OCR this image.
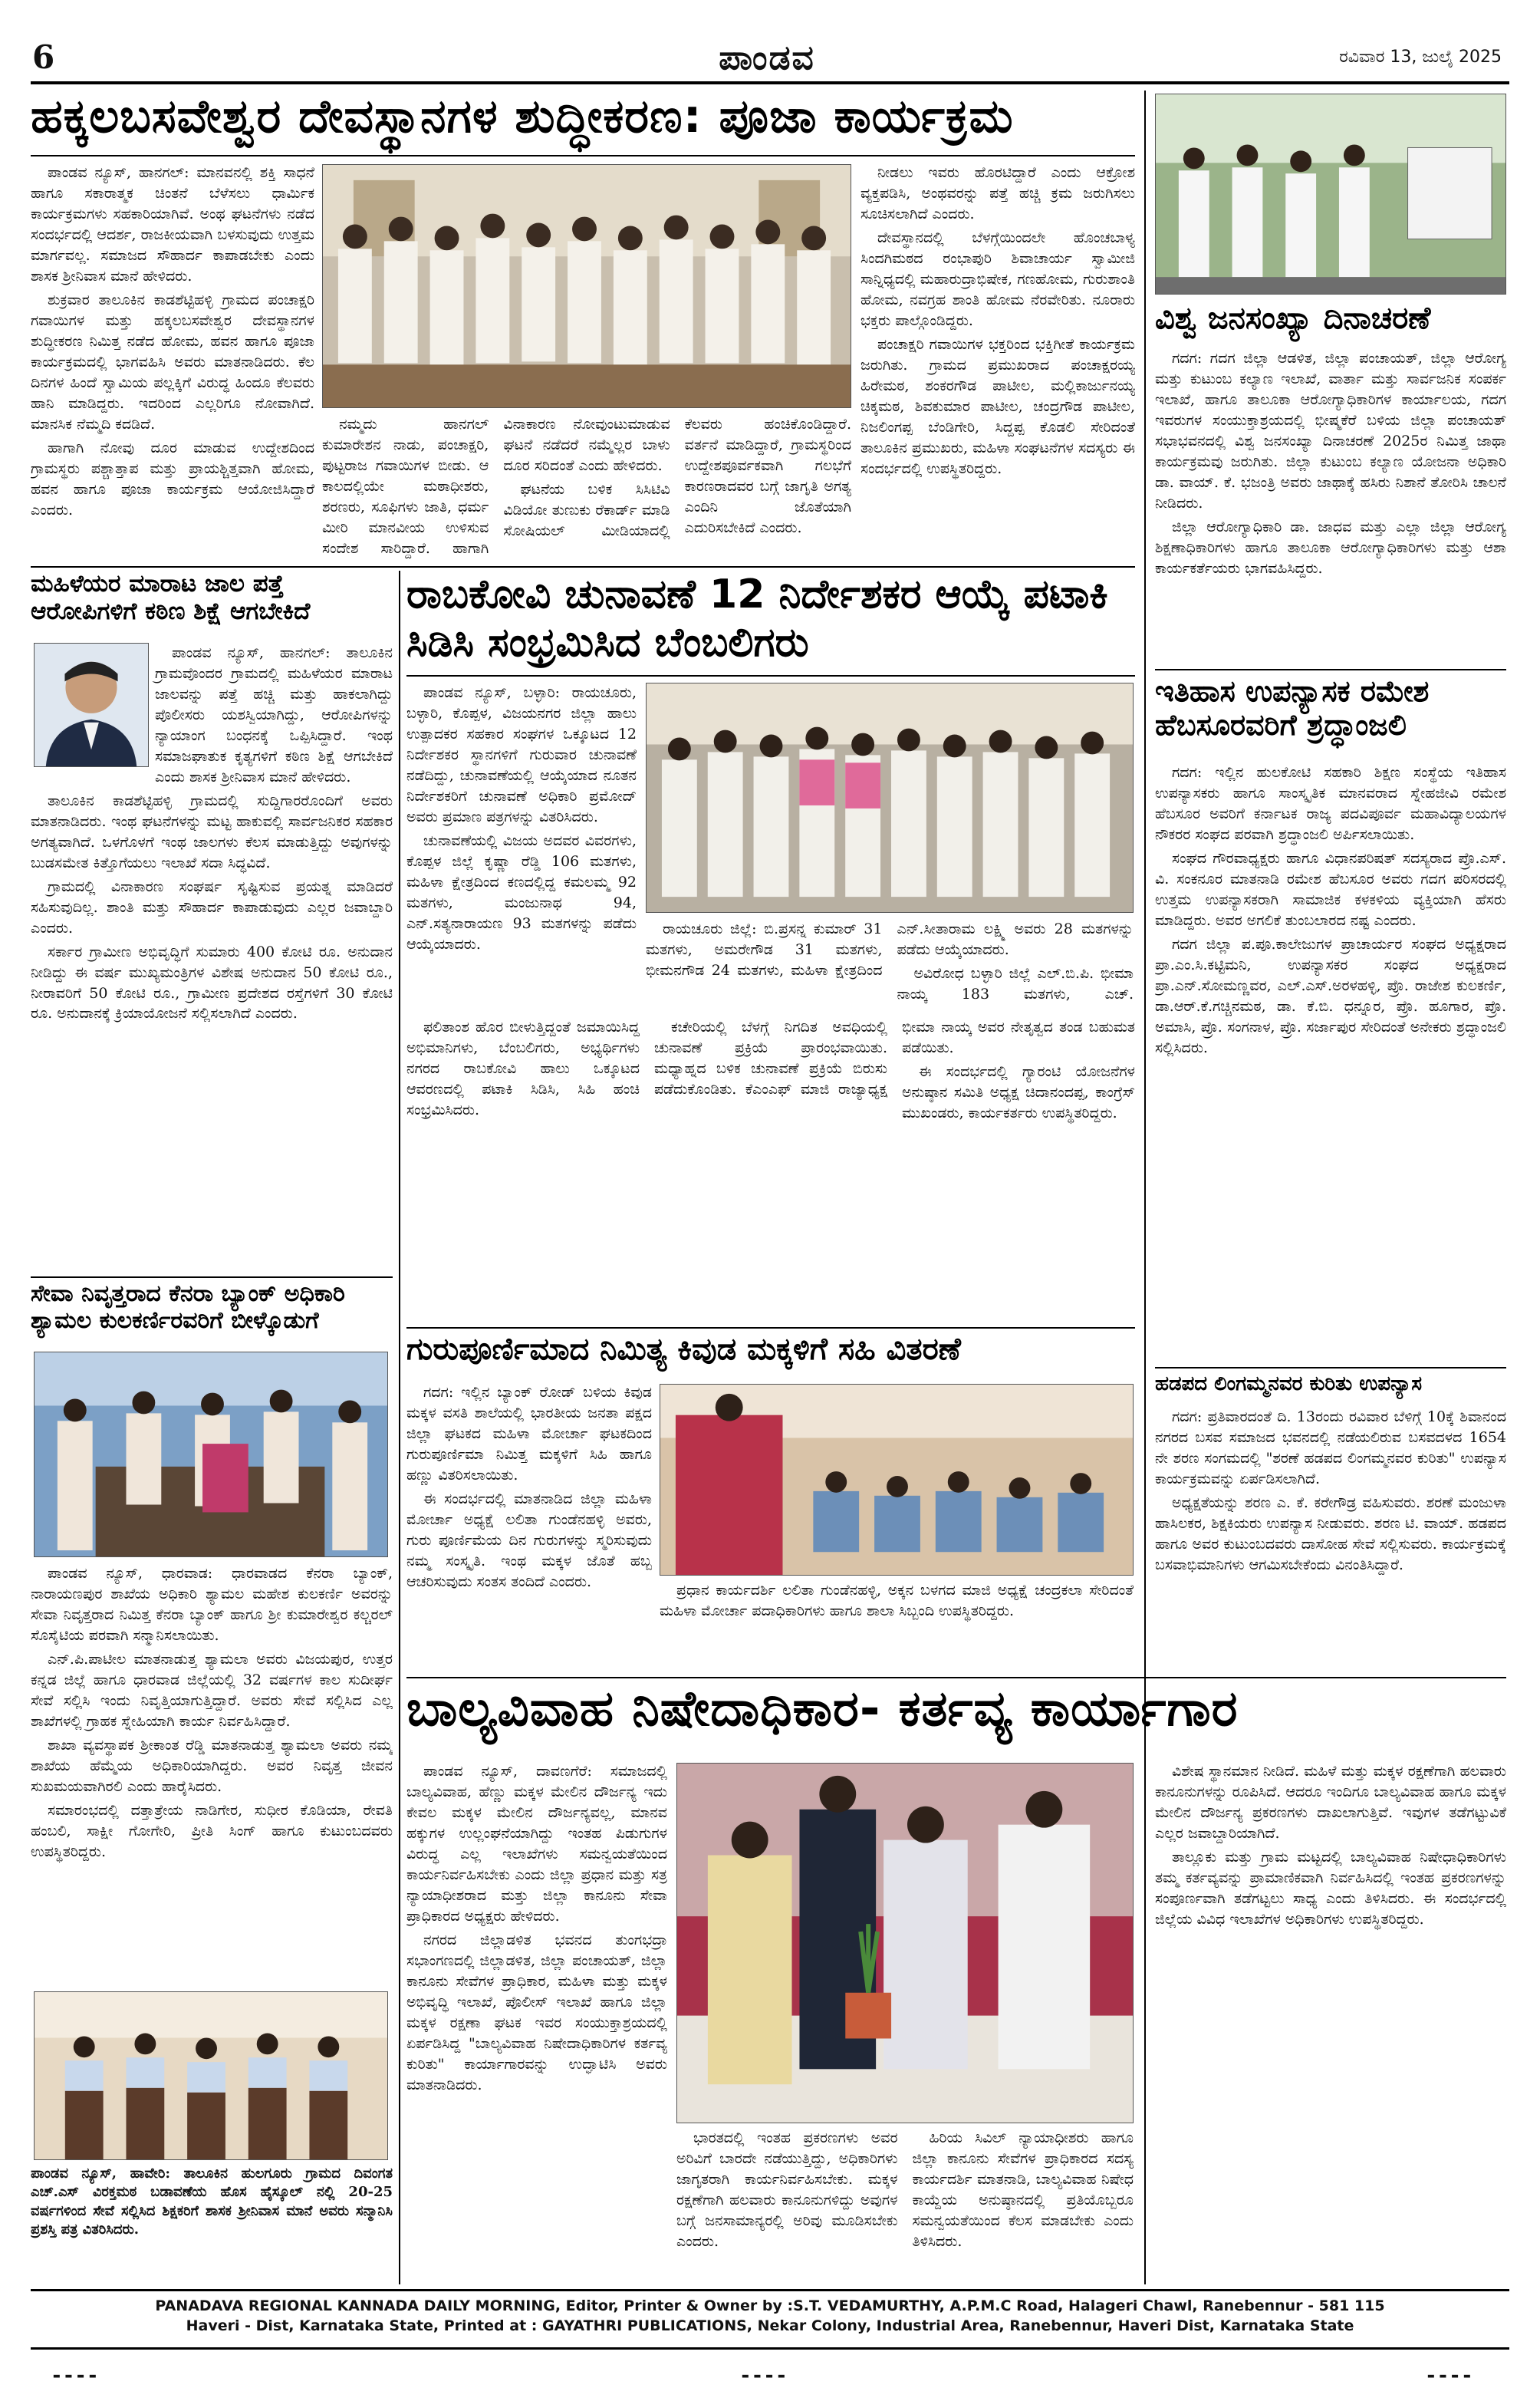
6	ಪಾಂಡವ	ರವಿವಾರ 13, ಜುಲೈ 2025
ಹಕ್ಕಲಬಸವೇಶ್ವರ ದೇವಸ್ಥಾನಗಳ ಶುದ್ಧೀಕರಣ: ಪೂಜಾ ಕಾರ್ಯಕ್ರಮ

ಪಾಂಡವ ನ್ಯೂಸ್, ಹಾನಗಲ್: ಮಾನವನಲ್ಲಿ ಶಕ್ತಿ ಸಾಧನೆ ಹಾಗೂ ಸಕಾರಾತ್ಮಕ ಚಿಂತನೆ ಬೆಳೆಸಲು ಧಾರ್ಮಿಕ ಕಾರ್ಯಕ್ರಮಗಳು ಸಹಕಾರಿಯಾಗಿವೆ. ಅಂಥ ಘಟನೆಗಳು ನಡೆದ ಸಂದರ್ಭದಲ್ಲಿ ಆದರ್ಶ, ರಾಜಕೀಯವಾಗಿ ಬಳಸುವುದು ಉತ್ತಮ ಮಾರ್ಗವಲ್ಲ. ಸಮಾಜದ ಸೌಹಾರ್ದ ಕಾಪಾಡಬೇಕು ಎಂದು ಶಾಸಕ ಶ್ರೀನಿವಾಸ ಮಾನೆ ಹೇಳಿದರು.

ಶುಕ್ರವಾರ ತಾಲೂಕಿನ ಕಾಡಶೆಟ್ಟಿಹಳ್ಳಿ ಗ್ರಾಮದ ಪಂಚಾಕ್ಷರಿ ಗವಾಯಿಗಳ ಮತ್ತು ಹಕ್ಕಲಬಸವೇಶ್ವರ ದೇವಸ್ಥಾನಗಳ ಶುದ್ಧೀಕರಣ ನಿಮಿತ್ತ ನಡೆದ ಹೋಮ, ಹವನ ಹಾಗೂ ಪೂಜಾ ಕಾರ್ಯಕ್ರಮದಲ್ಲಿ ಭಾಗವಹಿಸಿ ಅವರು ಮಾತನಾಡಿದರು. ಕೆಲ ದಿನಗಳ ಹಿಂದೆ ಸ್ವಾಮಿಯ ಪಲ್ಲಕ್ಕಿಗೆ ವಿರುದ್ಧ ಹಿಂದೂ ಕೆಲವರು ಹಾನಿ ಮಾಡಿದ್ದರು. ಇದರಿಂದ ಎಲ್ಲರಿಗೂ ನೋವಾಗಿದೆ. ಮಾನಸಿಕ ನೆಮ್ಮದಿ ಕದಡಿದೆ.

ಹಾಗಾಗಿ ನೋವು ದೂರ ಮಾಡುವ ಉದ್ದೇಶದಿಂದ ಗ್ರಾಮಸ್ಥರು ಪಶ್ಚಾತ್ತಾಪ ಮತ್ತು ಪ್ರಾಯಶ್ಚಿತ್ತವಾಗಿ ಹೋಮ, ಹವನ ಹಾಗೂ ಪೂಜಾ ಕಾರ್ಯಕ್ರಮ ಆಯೋಜಿಸಿದ್ದಾರೆ ಎಂದರು.

ನಮ್ಮದು ಹಾನಗಲ್ ಕುಮಾರೇಶನ ನಾಡು, ಪಂಚಾಕ್ಷರಿ, ಪುಟ್ಟರಾಜ ಗವಾಯಿಗಳ ಬೀಡು. ಆ ಕಾಲದಲ್ಲಿಯೇ ಮಠಾಧೀಶರು, ಶರಣರು, ಸೂಫಿಗಳು ಜಾತಿ, ಧರ್ಮ ಮೀರಿ ಮಾನವೀಯ ಉಳಿಸುವ ಸಂದೇಶ ಸಾರಿದ್ದಾರೆ. ಹಾಗಾಗಿ ವಿನಾಕಾರಣ ನೋವುಂಟುಮಾಡುವ ಘಟನೆ ನಡೆದರೆ ನಮ್ಮೆಲ್ಲರ ಬಾಳು ದೂರ ಸರಿದಂತೆ ಎಂದು ಹೇಳಿದರು.

ಘಟನೆಯ ಬಳಿಕ ಸಿಸಿಟಿವಿ ವಿಡಿಯೋ ತುಣುಕು ರೆಕಾರ್ಡ್ ಮಾಡಿ ಸೋಷಿಯಲ್ ಮೀಡಿಯಾದಲ್ಲಿ ಕೆಲವರು ಹಂಚಿಕೊಂಡಿದ್ದಾರೆ. ವರ್ತನೆ ಮಾಡಿದ್ದಾರೆ, ಗ್ರಾಮಸ್ಥರಿಂದ ಉದ್ದೇಶಪೂರ್ವಕವಾಗಿ ಗಲಭೆಗೆ ಕಾರಣರಾದವರ ಬಗ್ಗೆ ಜಾಗೃತಿ ಅಗತ್ಯ ಎಂದಿನಿ ಜೊತೆಯಾಗಿ ಎದುರಿಸಬೇಕಿದೆ ಎಂದರು.

ನೀಡಲು ಇವರು ಹೊರಟಿದ್ದಾರೆ ಎಂದು ಆಕ್ರೋಶ ವ್ಯಕ್ತಪಡಿಸಿ, ಅಂಥವರನ್ನು ಪತ್ತೆ ಹಚ್ಚಿ ಕ್ರಮ ಜರುಗಿಸಲು ಸೂಚಿಸಲಾಗಿದೆ ಎಂದರು.

ದೇವಸ್ಥಾನದಲ್ಲಿ ಬೆಳಗ್ಗೆಯಿಂದಲೇ ಹೊಂಚಬಾಳ್ಯ ಸಿಂದಗಿಮಠದ ರಂಭಾಪುರಿ ಶಿವಾಚಾರ್ಯ ಸ್ವಾಮೀಜಿ ಸಾನ್ನಿಧ್ಯದಲ್ಲಿ ಮಹಾರುದ್ರಾಭಿಷೇಕ, ಗಣಹೋಮ, ಗುರುಶಾಂತಿ ಹೋಮ, ನವಗ್ರಹ ಶಾಂತಿ ಹೋಮ ನೆರವೇರಿತು. ನೂರಾರು ಭಕ್ತರು ಪಾಲ್ಗೊಂಡಿದ್ದರು.

ಪಂಚಾಕ್ಷರಿ ಗವಾಯಿಗಳ ಭಕ್ತರಿಂದ ಭಕ್ತಿಗೀತೆ ಕಾರ್ಯಕ್ರಮ ಜರುಗಿತು. ಗ್ರಾಮದ ಪ್ರಮುಖರಾದ ಪಂಚಾಕ್ಷರಯ್ಯ ಹಿರೇಮಠ, ಶಂಕರಗೌಡ ಪಾಟೀಲ, ಮಲ್ಲಿಕಾರ್ಜುನಯ್ಯ ಚಿಕ್ಕಮಠ, ಶಿವಕುಮಾರ ಪಾಟೀಲ, ಚಂದ್ರಗೌಡ ಪಾಟೀಲ, ನಿಜಲಿಂಗಪ್ಪ ಬೆಂಡಿಗೇರಿ, ಸಿದ್ದಪ್ಪ ಕೊಡಲಿ ಸೇರಿದಂತೆ ತಾಲೂಕಿನ ಪ್ರಮುಖರು, ಮಹಿಳಾ ಸಂಘಟನೆಗಳ ಸದಸ್ಯರು ಈ ಸಂದರ್ಭದಲ್ಲಿ ಉಪಸ್ಥಿತರಿದ್ದರು.

ವಿಶ್ವ ಜನಸಂಖ್ಯಾ ದಿನಾಚರಣೆ

ಗದಗ: ಗದಗ ಜಿಲ್ಲಾ ಆಡಳಿತ, ಜಿಲ್ಲಾ ಪಂಚಾಯತ್, ಜಿಲ್ಲಾ ಆರೋಗ್ಯ ಮತ್ತು ಕುಟುಂಬ ಕಲ್ಯಾಣ ಇಲಾಖೆ, ವಾರ್ತಾ ಮತ್ತು ಸಾರ್ವಜನಿಕ ಸಂಪರ್ಕ ಇಲಾಖೆ, ಹಾಗೂ ತಾಲೂಕಾ ಆರೋಗ್ಯಾಧಿಕಾರಿಗಳ ಕಾರ್ಯಾಲಯ, ಗದಗ ಇವರುಗಳ ಸಂಯುಕ್ತಾಶ್ರಯದಲ್ಲಿ ಭೀಷ್ಮಕೆರೆ ಬಳಿಯ ಜಿಲ್ಲಾ ಪಂಚಾಯತ್ ಸಭಾಭವನದಲ್ಲಿ ವಿಶ್ವ ಜನಸಂಖ್ಯಾ ದಿನಾಚರಣೆ 2025ರ ನಿಮಿತ್ತ ಜಾಥಾ ಕಾರ್ಯಕ್ರಮವು ಜರುಗಿತು. ಜಿಲ್ಲಾ ಕುಟುಂಬ ಕಲ್ಯಾಣ ಯೋಜನಾ ಅಧಿಕಾರಿ ಡಾ. ವಾಯ್. ಕೆ. ಭಜಂತ್ರಿ ಅವರು ಜಾಥಾಕ್ಕೆ ಹಸಿರು ನಿಶಾನೆ ತೋರಿಸಿ ಚಾಲನೆ ನೀಡಿದರು.

ಜಿಲ್ಲಾ ಆರೋಗ್ಯಾಧಿಕಾರಿ ಡಾ. ಜಾಧವ ಮತ್ತು ಎಲ್ಲಾ ಜಿಲ್ಲಾ ಆರೋಗ್ಯ ಶಿಕ್ಷಣಾಧಿಕಾರಿಗಳು ಹಾಗೂ ತಾಲೂಕಾ ಆರೋಗ್ಯಾಧಿಕಾರಿಗಳು ಮತ್ತು ಆಶಾ ಕಾರ್ಯಕರ್ತೆಯರು ಭಾಗವಹಿಸಿದ್ದರು.

ಇತಿಹಾಸ ಉಪನ್ಯಾಸಕ ರಮೇಶ ಹೆಬಸೂರವರಿಗೆ ಶ್ರದ್ಧಾಂಜಲಿ

ಗದಗ: ಇಲ್ಲಿನ ಹುಲಕೋಟಿ ಸಹಕಾರಿ ಶಿಕ್ಷಣ ಸಂಸ್ಥೆಯ ಇತಿಹಾಸ ಉಪನ್ಯಾಸಕರು ಹಾಗೂ ಸಾಂಸ್ಕೃತಿಕ ಮಾನವರಾದ ಸ್ನೇಹಜೀವಿ ರಮೇಶ ಹೆಬಸೂರ ಅವರಿಗೆ ಕರ್ನಾಟಕ ರಾಜ್ಯ ಪದವಿಪೂರ್ವ ಮಹಾವಿದ್ಯಾಲಯಗಳ ನೌಕರರ ಸಂಘದ ಪರವಾಗಿ ಶ್ರದ್ಧಾಂಜಲಿ ಅರ್ಪಿಸಲಾಯಿತು.

ಸಂಘದ ಗೌರವಾಧ್ಯಕ್ಷರು ಹಾಗೂ ವಿಧಾನಪರಿಷತ್ ಸದಸ್ಯರಾದ ಪ್ರೊ.ಎಸ್. ವಿ. ಸಂಕನೂರ ಮಾತನಾಡಿ ರಮೇಶ ಹೆಬಸೂರ ಅವರು ಗದಗ ಪರಿಸರದಲ್ಲಿ ಉತ್ತಮ ಉಪನ್ಯಾಸಕರಾಗಿ ಸಾಮಾಜಿಕ ಕಳಕಳಿಯ ವ್ಯಕ್ತಿಯಾಗಿ ಹೆಸರು ಮಾಡಿದ್ದರು. ಅವರ ಅಗಲಿಕೆ ತುಂಬಲಾರದ ನಷ್ಟ ಎಂದರು.

ಗದಗ ಜಿಲ್ಲಾ ಪ.ಪೂ.ಕಾಲೇಜುಗಳ ಪ್ರಾಚಾರ್ಯರ ಸಂಘದ ಅಧ್ಯಕ್ಷರಾದ ಪ್ರಾ.ಎಂ.ಸಿ.ಕಟ್ಟಿಮನಿ, ಉಪನ್ಯಾಸಕರ ಸಂಘದ ಅಧ್ಯಕ್ಷರಾದ ಪ್ರಾ.ಎನ್.ಸೋಮಣ್ಣವರ, ಎಲ್.ಎಸ್.ಅರಳಹಳ್ಳಿ, ಪ್ರೊ. ರಾಜೇಶ ಕುಲಕರ್ಣಿ, ಡಾ.ಆರ್.ಕೆ.ಗಚ್ಚಿನಮಠ, ಡಾ. ಕೆ.ಬಿ. ಧನ್ನೂರ, ಪ್ರೊ. ಹೂಗಾರ, ಪ್ರೊ. ಅಮಾಸಿ, ಪ್ರೊ. ಸಂಗನಾಳ, ಪ್ರೊ. ಸರ್ಜಾಪುರ ಸೇರಿದಂತೆ ಅನೇಕರು ಶ್ರದ್ಧಾಂಜಲಿ ಸಲ್ಲಿಸಿದರು.

ಹಡಪದ ಲಿಂಗಮ್ಮನವರ ಕುರಿತು ಉಪನ್ಯಾಸ

ಗದಗ: ಪ್ರತಿವಾರದಂತೆ ದಿ. 13ರಂದು ರವಿವಾರ ಬೆಳಿಗ್ಗೆ 10ಕ್ಕೆ ಶಿವಾನಂದ ನಗರದ ಬಸವ ಸಮಾಜದ ಭವನದಲ್ಲಿ ನಡೆಯಲಿರುವ ಬಸವದಳದ 1654 ನೇ ಶರಣ ಸಂಗಮದಲ್ಲಿ "ಶರಣೆ ಹಡಪದ ಲಿಂಗಮ್ಮನವರ ಕುರಿತು" ಉಪನ್ಯಾಸ ಕಾರ್ಯಕ್ರಮವನ್ನು ಏರ್ಪಡಿಸಲಾಗಿದೆ.

ಅಧ್ಯಕ್ಷತೆಯನ್ನು ಶರಣ ಎ. ಕೆ. ಕರೇಗೌಡ್ರ ವಹಿಸುವರು. ಶರಣೆ ಮಂಜುಳಾ ಹಾಸಿಲಕರ, ಶಿಕ್ಷಕಿಯರು ಉಪನ್ಯಾಸ ನೀಡುವರು. ಶರಣ ಟಿ. ವಾಯ್. ಹಡಪದ ಹಾಗೂ ಅವರ ಕುಟುಂಬದವರು ದಾಸೋಹ ಸೇವೆ ಸಲ್ಲಿಸುವರು. ಕಾರ್ಯಕ್ರಮಕ್ಕೆ ಬಸವಾಭಿಮಾನಿಗಳು ಆಗಮಿಸಬೇಕೆಂದು ವಿನಂತಿಸಿದ್ದಾರೆ.

ಮಹಿಳೆಯರ ಮಾರಾಟ ಜಾಲ ಪತ್ತೆ ಆರೋಪಿಗಳಿಗೆ ಕಠಿಣ ಶಿಕ್ಷೆ ಆಗಬೇಕಿದೆ

ಪಾಂಡವ ನ್ಯೂಸ್, ಹಾನಗಲ್: ತಾಲೂಕಿನ ಗ್ರಾಮವೊಂದರ ಗ್ರಾಮದಲ್ಲಿ ಮಹಿಳೆಯರ ಮಾರಾಟ ಜಾಲವನ್ನು ಪತ್ತೆ ಹಚ್ಚಿ ಮತ್ತು ಹಾಕಲಾಗಿದ್ದು ಪೊಲೀಸರು ಯಶಸ್ವಿಯಾಗಿದ್ದು, ಆರೋಪಿಗಳನ್ನು ನ್ಯಾಯಾಂಗ ಬಂಧನಕ್ಕೆ ಒಪ್ಪಿಸಿದ್ದಾರೆ. ಇಂಥ ಸಮಾಜಘಾತುಕ ಕೃತ್ಯಗಳಿಗೆ ಕಠಿಣ ಶಿಕ್ಷೆ ಆಗಬೇಕಿದೆ ಎಂದು ಶಾಸಕ ಶ್ರೀನಿವಾಸ ಮಾನೆ ಹೇಳಿದರು.

ತಾಲೂಕಿನ ಕಾಡಶೆಟ್ಟಿಹಳ್ಳಿ ಗ್ರಾಮದಲ್ಲಿ ಸುದ್ದಿಗಾರರೊಂದಿಗೆ ಅವರು ಮಾತನಾಡಿದರು. ಇಂಥ ಘಟನೆಗಳನ್ನು ಮಟ್ಟ ಹಾಕುವಲ್ಲಿ ಸಾರ್ವಜನಿಕರ ಸಹಕಾರ ಅಗತ್ಯವಾಗಿದೆ. ಒಳಗೊಳಗೆ ಇಂಥ ಜಾಲಗಳು ಕೆಲಸ ಮಾಡುತ್ತಿದ್ದು ಅವುಗಳನ್ನು ಬುಡಸಮೇತ ಕಿತ್ತೊಗೆಯಲು ಇಲಾಖೆ ಸದಾ ಸಿದ್ಧವಿದೆ.

ಗ್ರಾಮದಲ್ಲಿ ವಿನಾಕಾರಣ ಸಂಘರ್ಷ ಸೃಷ್ಟಿಸುವ ಪ್ರಯತ್ನ ಮಾಡಿದರೆ ಸಹಿಸುವುದಿಲ್ಲ. ಶಾಂತಿ ಮತ್ತು ಸೌಹಾರ್ದ ಕಾಪಾಡುವುದು ಎಲ್ಲರ ಜವಾಬ್ದಾರಿ ಎಂದರು.

ಸರ್ಕಾರ ಗ್ರಾಮೀಣ ಅಭಿವೃದ್ಧಿಗೆ ಸುಮಾರು 400 ಕೋಟಿ ರೂ. ಅನುದಾನ ನೀಡಿದ್ದು ಈ ವರ್ಷ ಮುಖ್ಯಮಂತ್ರಿಗಳ ವಿಶೇಷ ಅನುದಾನ 50 ಕೋಟಿ ರೂ., ನೀರಾವರಿಗೆ 50 ಕೋಟಿ ರೂ., ಗ್ರಾಮೀಣ ಪ್ರದೇಶದ ರಸ್ತೆಗಳಿಗೆ 30 ಕೋಟಿ ರೂ. ಅನುದಾನಕ್ಕೆ ಕ್ರಿಯಾಯೋಜನೆ ಸಲ್ಲಿಸಲಾಗಿದೆ ಎಂದರು.

ಸೇವಾ ನಿವೃತ್ತರಾದ ಕೆನರಾ ಬ್ಯಾಂಕ್ ಅಧಿಕಾರಿ ಶ್ಯಾಮಲ ಕುಲಕರ್ಣಿರವರಿಗೆ ಬೀಳ್ಕೊಡುಗೆ

ಪಾಂಡವ ನ್ಯೂಸ್, ಧಾರವಾಡ: ಧಾರವಾಡದ ಕೆನರಾ ಬ್ಯಾಂಕ್, ನಾರಾಯಣಪುರ ಶಾಖೆಯ ಅಧಿಕಾರಿ ಶ್ಯಾಮಲ ಮಹೇಶ ಕುಲಕರ್ಣಿ ಅವರನ್ನು ಸೇವಾ ನಿವೃತ್ತರಾದ ನಿಮಿತ್ತ ಕೆನರಾ ಬ್ಯಾಂಕ್ ಹಾಗೂ ಶ್ರೀ ಕುಮಾರೇಶ್ವರ ಕಲ್ಚರಲ್ ಸೊಸೈಟಿಯ ಪರವಾಗಿ ಸನ್ಮಾನಿಸಲಾಯಿತು.

ಎನ್.ಪಿ.ಪಾಟೀಲ ಮಾತನಾಡುತ್ತ ಶ್ಯಾಮಲಾ ಅವರು ವಿಜಯಪುರ, ಉತ್ತರ ಕನ್ನಡ ಜಿಲ್ಲೆ ಹಾಗೂ ಧಾರವಾಡ ಜಿಲ್ಲೆಯಲ್ಲಿ 32 ವರ್ಷಗಳ ಕಾಲ ಸುದೀರ್ಘ ಸೇವೆ ಸಲ್ಲಿಸಿ ಇಂದು ನಿವೃತ್ತಿಯಾಗುತ್ತಿದ್ದಾರೆ. ಅವರು ಸೇವೆ ಸಲ್ಲಿಸಿದ ಎಲ್ಲ ಶಾಖೆಗಳಲ್ಲಿ ಗ್ರಾಹಕ ಸ್ನೇಹಿಯಾಗಿ ಕಾರ್ಯ ನಿರ್ವಹಿಸಿದ್ದಾರೆ.

ಶಾಖಾ ವ್ಯವಸ್ಥಾಪಕ ಶ್ರೀಕಾಂತ ರೆಡ್ಡಿ ಮಾತನಾಡುತ್ತ ಶ್ಯಾಮಲಾ ಅವರು ನಮ್ಮ ಶಾಖೆಯ ಹೆಮ್ಮೆಯ ಅಧಿಕಾರಿಯಾಗಿದ್ದರು. ಅವರ ನಿವೃತ್ತ ಜೀವನ ಸುಖಮಯವಾಗಿರಲಿ ಎಂದು ಹಾರೈಸಿದರು.

ಸಮಾರಂಭದಲ್ಲಿ ದತ್ತಾತ್ರೇಯ ನಾಡಿಗೇರ, ಸುಧೀರ ಕೊಡಿಯಾ, ರೇವತಿ ಹಂಬಲಿ, ಸಾಕ್ಷೀ ಗೋಗೇರಿ, ಪ್ರೀತಿ ಸಿಂಗ್ ಹಾಗೂ ಕುಟುಂಬದವರು ಉಪಸ್ಥಿತರಿದ್ದರು.

ಪಾಂಡವ ನ್ಯೂಸ್, ಹಾವೇರಿ: ತಾಲೂಕಿನ ಹುಲಗೂರು ಗ್ರಾಮದ ದಿವಂಗತ ಎಚ್.ಎಸ್ ವಿರಕ್ತಮಠ ಬಡಾವಣೆಯ ಹೊಸ ಹೈಸ್ಕೂಲ್ ನಲ್ಲಿ 20-25 ವರ್ಷಗಳಿಂದ ಸೇವೆ ಸಲ್ಲಿಸಿದ ಶಿಕ್ಷಕರಿಗೆ ಶಾಸಕ ಶ್ರೀನಿವಾಸ ಮಾನೆ ಅವರು ಸನ್ಮಾನಿಸಿ ಪ್ರಶಸ್ತಿ ಪತ್ರ ವಿತರಿಸಿದರು.
ರಾಬಕೋವಿ ಚುನಾವಣೆ 12 ನಿರ್ದೇಶಕರ ಆಯ್ಕೆ ಪಟಾಕಿ ಸಿಡಿಸಿ ಸಂಭ್ರಮಿಸಿದ ಬೆಂಬಲಿಗರು

ಪಾಂಡವ ನ್ಯೂಸ್, ಬಳ್ಳಾರಿ: ರಾಯಚೂರು, ಬಳ್ಳಾರಿ, ಕೊಪ್ಪಳ, ವಿಜಯನಗರ ಜಿಲ್ಲಾ ಹಾಲು ಉತ್ಪಾದಕರ ಸಹಕಾರ ಸಂಘಗಳ ಒಕ್ಕೂಟದ 12 ನಿರ್ದೇಶಕರ ಸ್ಥಾನಗಳಿಗೆ ಗುರುವಾರ ಚುನಾವಣೆ ನಡೆದಿದ್ದು, ಚುನಾವಣೆಯಲ್ಲಿ ಆಯ್ಕೆಯಾದ ನೂತನ ನಿರ್ದೇಶಕರಿಗೆ ಚುನಾವಣೆ ಅಧಿಕಾರಿ ಪ್ರಮೋದ್ ಅವರು ಪ್ರಮಾಣ ಪತ್ರಗಳನ್ನು ವಿತರಿಸಿದರು.

ಚುನಾವಣೆಯಲ್ಲಿ ವಿಜಯ ಅದವರ ವಿವರಗಳು, ಕೊಪ್ಪಳ ಜಿಲ್ಲೆ ಕೃಷ್ಣಾ ರೆಡ್ಡಿ 106 ಮತಗಳು, ಮಹಿಳಾ ಕ್ಷೇತ್ರದಿಂದ ಕಣದಲ್ಲಿದ್ದ ಕಮಲಮ್ಮ 92 ಮತಗಳು, ಮಂಜುನಾಥ 94, ಎನ್.ಸತ್ಯನಾರಾಯಣ 93 ಮತಗಳನ್ನು ಪಡೆದು ಆಯ್ಕೆಯಾದರು.

ರಾಯಚೂರು ಜಿಲ್ಲೆ: ಬಿ.ಪ್ರಸನ್ನ ಕುಮಾರ್ 31 ಮತಗಳು, ಅಮರೇಗೌಡ 31 ಮತಗಳು, ಭೀಮನಗೌಡ 24 ಮತಗಳು, ಮಹಿಳಾ ಕ್ಷೇತ್ರದಿಂದ ಎನ್.ಸೀತಾರಾಮ ಲಕ್ಷ್ಮಿ ಅವರು 28 ಮತಗಳನ್ನು ಪಡೆದು ಆಯ್ಕೆಯಾದರು.

ಅವಿರೋಧ ಬಳ್ಳಾರಿ ಜಿಲ್ಲೆ ಎಲ್.ಬಿ.ಪಿ. ಭೀಮಾ ನಾಯ್ಕ 183 ಮತಗಳು, ಎಚ್.

ಫಲಿತಾಂಶ ಹೊರ ಬೀಳುತ್ತಿದ್ದಂತೆ ಜಮಾಯಿಸಿದ್ದ ಅಭಿಮಾನಿಗಳು, ಬೆಂಬಲಿಗರು, ಅಭ್ಯರ್ಥಿಗಳು ನಗರದ ರಾಬಕೋವಿ ಹಾಲು ಒಕ್ಕೂಟದ ಆವರಣದಲ್ಲಿ ಪಟಾಕಿ ಸಿಡಿಸಿ, ಸಿಹಿ ಹಂಚಿ ಸಂಭ್ರಮಿಸಿದರು.

ಕಚೇರಿಯಲ್ಲಿ ಬೆಳಗ್ಗೆ ನಿಗದಿತ ಅವಧಿಯಲ್ಲಿ ಚುನಾವಣೆ ಪ್ರಕ್ರಿಯೆ ಪ್ರಾರಂಭವಾಯಿತು. ಮಧ್ಯಾಹ್ನದ ಬಳಿಕ ಚುನಾವಣೆ ಪ್ರಕ್ರಿಯೆ ಬಿರುಸು ಪಡೆದುಕೊಂಡಿತು. ಕೆಎಂಎಫ್ ಮಾಜಿ ರಾಜ್ಯಾಧ್ಯಕ್ಷ ಭೀಮಾ ನಾಯ್ಕ ಅವರ ನೇತೃತ್ವದ ತಂಡ ಬಹುಮತ ಪಡೆಯಿತು.

ಈ ಸಂದರ್ಭದಲ್ಲಿ ಗ್ಯಾರಂಟಿ ಯೋಜನೆಗಳ ಅನುಷ್ಠಾನ ಸಮಿತಿ ಅಧ್ಯಕ್ಷ ಚಿದಾನಂದಪ್ಪ, ಕಾಂಗ್ರೆಸ್ ಮುಖಂಡರು, ಕಾರ್ಯಕರ್ತರು ಉಪಸ್ಥಿತರಿದ್ದರು.

ಗುರುಪೂರ್ಣಿಮಾದ ನಿಮಿತ್ಯ ಕಿವುಡ ಮಕ್ಕಳಿಗೆ ಸಹಿ ವಿತರಣೆ

ಗದಗ: ಇಲ್ಲಿನ ಬ್ಯಾಂಕ್ ರೋಡ್ ಬಳಿಯ ಕಿವುಡ ಮಕ್ಕಳ ವಸತಿ ಶಾಲೆಯಲ್ಲಿ ಭಾರತೀಯ ಜನತಾ ಪಕ್ಷದ ಜಿಲ್ಲಾ ಘಟಕದ ಮಹಿಳಾ ಮೋರ್ಚಾ ಘಟಕದಿಂದ ಗುರುಪೂರ್ಣಿಮಾ ನಿಮಿತ್ತ ಮಕ್ಕಳಿಗೆ ಸಿಹಿ ಹಾಗೂ ಹಣ್ಣು ವಿತರಿಸಲಾಯಿತು.

ಈ ಸಂದರ್ಭದಲ್ಲಿ ಮಾತನಾಡಿದ ಜಿಲ್ಲಾ ಮಹಿಳಾ ಮೋರ್ಚಾ ಅಧ್ಯಕ್ಷೆ ಲಲಿತಾ ಗುಂಡೆನಹಳ್ಳಿ ಅವರು, ಗುರು ಪೂರ್ಣಿಮೆಯ ದಿನ ಗುರುಗಳನ್ನು ಸ್ಮರಿಸುವುದು ನಮ್ಮ ಸಂಸ್ಕೃತಿ. ಇಂಥ ಮಕ್ಕಳ ಜೊತೆ ಹಬ್ಬ ಆಚರಿಸುವುದು ಸಂತಸ ತಂದಿದೆ ಎಂದರು.

ಪ್ರಧಾನ ಕಾರ್ಯದರ್ಶಿ ಲಲಿತಾ ಗುಂಡೆನಹಳ್ಳಿ, ಅಕ್ಕನ ಬಳಗದ ಮಾಜಿ ಅಧ್ಯಕ್ಷೆ ಚಂದ್ರಕಲಾ ಸೇರಿದಂತೆ ಮಹಿಳಾ ಮೋರ್ಚಾ ಪದಾಧಿಕಾರಿಗಳು ಹಾಗೂ ಶಾಲಾ ಸಿಬ್ಬಂದಿ ಉಪಸ್ಥಿತರಿದ್ದರು.

ಬಾಲ್ಯವಿವಾಹ ನಿಷೇದಾಧಿಕಾರ- ಕರ್ತವ್ಯ ಕಾರ್ಯಾಗಾರ

ಪಾಂಡವ ನ್ಯೂಸ್, ದಾವಣಗೆರೆ: ಸಮಾಜದಲ್ಲಿ ಬಾಲ್ಯವಿವಾಹ, ಹೆಣ್ಣು ಮಕ್ಕಳ ಮೇಲಿನ ದೌರ್ಜನ್ಯ ಇದು ಕೇವಲ ಮಕ್ಕಳ ಮೇಲಿನ ದೌರ್ಜನ್ಯವಲ್ಲ, ಮಾನವ ಹಕ್ಕುಗಳ ಉಲ್ಲಂಘನೆಯಾಗಿದ್ದು ಇಂತಹ ಪಿಡುಗುಗಳ ವಿರುದ್ಧ ಎಲ್ಲ ಇಲಾಖೆಗಳು ಸಮನ್ವಯತೆಯಿಂದ ಕಾರ್ಯನಿರ್ವಹಿಸಬೇಕು ಎಂದು ಜಿಲ್ಲಾ ಪ್ರಧಾನ ಮತ್ತು ಸತ್ರ ನ್ಯಾಯಾಧೀಶರಾದ ಮತ್ತು ಜಿಲ್ಲಾ ಕಾನೂನು ಸೇವಾ ಪ್ರಾಧಿಕಾರದ ಅಧ್ಯಕ್ಷರು ಹೇಳಿದರು.

ನಗರದ ಜಿಲ್ಲಾಡಳಿತ ಭವನದ ತುಂಗಭದ್ರಾ ಸಭಾಂಗಣದಲ್ಲಿ ಜಿಲ್ಲಾಡಳಿತ, ಜಿಲ್ಲಾ ಪಂಚಾಯತ್, ಜಿಲ್ಲಾ ಕಾನೂನು ಸೇವೆಗಳ ಪ್ರಾಧಿಕಾರ, ಮಹಿಳಾ ಮತ್ತು ಮಕ್ಕಳ ಅಭಿವೃದ್ಧಿ ಇಲಾಖೆ, ಪೊಲೀಸ್ ಇಲಾಖೆ ಹಾಗೂ ಜಿಲ್ಲಾ ಮಕ್ಕಳ ರಕ್ಷಣಾ ಘಟಕ ಇವರ ಸಂಯುಕ್ತಾಶ್ರಯದಲ್ಲಿ ಏರ್ಪಡಿಸಿದ್ದ "ಬಾಲ್ಯವಿವಾಹ ನಿಷೇದಾಧಿಕಾರಿಗಳ ಕರ್ತವ್ಯ ಕುರಿತು" ಕಾರ್ಯಾಗಾರವನ್ನು ಉದ್ಘಾಟಿಸಿ ಅವರು ಮಾತನಾಡಿದರು.

ಭಾರತದಲ್ಲಿ ಇಂತಹ ಪ್ರಕರಣಗಳು ಅವರ ಅರಿವಿಗೆ ಬಾರದೇ ನಡೆಯುತ್ತಿದ್ದು, ಅಧಿಕಾರಿಗಳು ಜಾಗೃತರಾಗಿ ಕಾರ್ಯನಿರ್ವಹಿಸಬೇಕು. ಮಕ್ಕಳ ರಕ್ಷಣೆಗಾಗಿ ಹಲವಾರು ಕಾನೂನುಗಳಿದ್ದು ಅವುಗಳ ಬಗ್ಗೆ ಜನಸಾಮಾನ್ಯರಲ್ಲಿ ಅರಿವು ಮೂಡಿಸಬೇಕು ಎಂದರು.

ಹಿರಿಯ ಸಿವಿಲ್ ನ್ಯಾಯಾಧೀಶರು ಹಾಗೂ ಜಿಲ್ಲಾ ಕಾನೂನು ಸೇವೆಗಳ ಪ್ರಾಧಿಕಾರದ ಸದಸ್ಯ ಕಾರ್ಯದರ್ಶಿ ಮಾತನಾಡಿ, ಬಾಲ್ಯವಿವಾಹ ನಿಷೇಧ ಕಾಯ್ದೆಯ ಅನುಷ್ಠಾನದಲ್ಲಿ ಪ್ರತಿಯೊಬ್ಬರೂ ಸಮನ್ವಯತೆಯಿಂದ ಕೆಲಸ ಮಾಡಬೇಕು ಎಂದು ತಿಳಿಸಿದರು.

ವಿಶೇಷ ಸ್ಥಾನಮಾನ ನೀಡಿದೆ. ಮಹಿಳೆ ಮತ್ತು ಮಕ್ಕಳ ರಕ್ಷಣೆಗಾಗಿ ಹಲವಾರು ಕಾನೂನುಗಳನ್ನು ರೂಪಿಸಿದೆ. ಆದರೂ ಇಂದಿಗೂ ಬಾಲ್ಯವಿವಾಹ ಹಾಗೂ ಮಕ್ಕಳ ಮೇಲಿನ ದೌರ್ಜನ್ಯ ಪ್ರಕರಣಗಳು ದಾಖಲಾಗುತ್ತಿವೆ. ಇವುಗಳ ತಡೆಗಟ್ಟುವಿಕೆ ಎಲ್ಲರ ಜವಾಬ್ದಾರಿಯಾಗಿದೆ.

ತಾಲ್ಲೂಕು ಮತ್ತು ಗ್ರಾಮ ಮಟ್ಟದಲ್ಲಿ ಬಾಲ್ಯವಿವಾಹ ನಿಷೇಧಾಧಿಕಾರಿಗಳು ತಮ್ಮ ಕರ್ತವ್ಯವನ್ನು ಪ್ರಾಮಾಣಿಕವಾಗಿ ನಿರ್ವಹಿಸಿದಲ್ಲಿ ಇಂತಹ ಪ್ರಕರಣಗಳನ್ನು ಸಂಪೂರ್ಣವಾಗಿ ತಡೆಗಟ್ಟಲು ಸಾಧ್ಯ ಎಂದು ತಿಳಿಸಿದರು. ಈ ಸಂದರ್ಭದಲ್ಲಿ ಜಿಲ್ಲೆಯ ವಿವಿಧ ಇಲಾಖೆಗಳ ಅಧಿಕಾರಿಗಳು ಉಪಸ್ಥಿತರಿದ್ದರು.

PANADAVA REGIONAL KANNADA DAILY MORNING, Editor, Printer & Owner by :S.T. VEDAMURTHY, A.P.M.C Road, Halageri Chawl, Ranebennur - 581 115
Haveri - Dist, Karnataka State, Printed at : GAYATHRI PUBLICATIONS, Nekar Colony, Industrial Area, Ranebennur, Haveri Dist, Karnataka State
----	----	----
